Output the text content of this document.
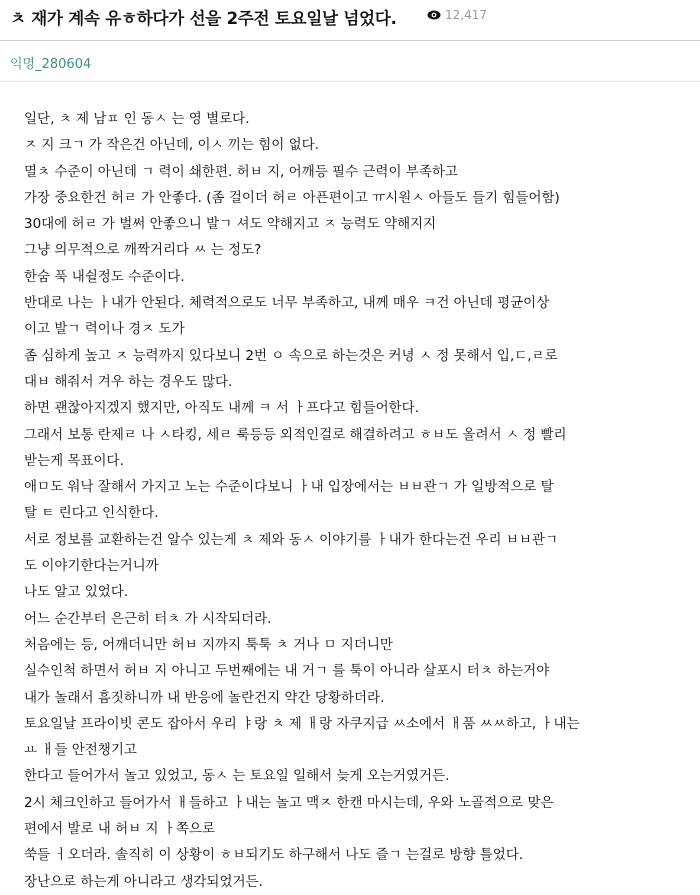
ㅊ 재가 계속 유ㅎ하다가 선을 2주전 토요일날 넘었다.	12,417
익명_280604
일단, ㅊ 제 남ㅍ 인 동ㅅ 는 영 별로다.
ㅈ 지 크ㄱ 가 작은건 아닌데, 이ㅅ 끼는 힘이 없다.
멸ㅊ 수준이 아닌데 ㄱ 력이 쇄한편. 허ㅂ 지, 어깨등 필수 근력이 부족하고
가장 중요한건 허ㄹ 가 안좋다. (좀 걸이더 허ㄹ 아픈편이고 ㅠ시원ㅅ 아들도 들기 힘들어함)
30대에 허ㄹ 가 벌써 안좋으니 발ㄱ 셔도 약해지고 ㅈ 능력도 약해지지
그냥 의무적으로 깨짝거리다 ㅆ 는 정도?
한숨 푹 내쉴정도 수준이다.
반대로 나는 ㅏ내가 안된다. 체력적으로도 너무 부족하고, 내께 매우 ㅋ건 아닌데 평균이상
이고 발ㄱ 력이나 경ㅈ 도가
좀 심하게 높고 ㅈ 능력까지 있다보니 2번 ㅇ 속으로 하는것은 커녕 ㅅ 정 못해서 입,ㄷ,ㄹ로
대ㅂ 해줘서 겨우 하는 경우도 많다.
하면 괜찮아지겠지 했지만, 아직도 내께 ㅋ 서 ㅏ프다고 힘들어한다.
그래서 보통 란제ㄹ 나 ㅅ타킹, 세ㄹ 룩등등 외적인걸로 해결하려고 ㅎㅂ도 올려서 ㅅ 정 빨리
받는게 목표이다.
애ㅁ도 워낙 잘해서 가지고 노는 수준이다보니 ㅏ내 입장에서는 ㅂㅂ관ㄱ 가 일방적으로 탈
탈 ㅌ 린다고 인식한다.
서로 정보를 교환하는건 알수 있는게 ㅊ 제와 동ㅅ 이야기를 ㅏ내가 한다는건 우리 ㅂㅂ관ㄱ
도 이야기한다는거니까
나도 알고 있었다.
어느 순간부터 은근히 터ㅊ 가 시작되더라.
처음에는 등, 어깨더니만 허ㅂ 지까지 툭툭 ㅊ 거나 ㅁ 지더니만
실수인척 하면서 허ㅂ 지 아니고 두번째에는 내 거ㄱ 를 툭이 아니라 살포시 터ㅊ 하는거야
내가 놀래서 흠짓하니까 내 반응에 놀란건지 약간 당황하더라.
토요일날 프라이빗 콘도 잡아서 우리 ㅑ랑 ㅊ 제 ㅐ랑 자쿠지급 ㅆ소에서 ㅐ품 ㅆㅆ하고, ㅏ내는
ㅛ ㅐ들 안전챙기고
한다고 들어가서 놀고 있었고, 동ㅅ 는 토요일 일해서 늦게 오는거였거든.
2시 체크인하고 들어가서 ㅐ들하고 ㅏ내는 놀고 맥ㅈ 한캔 마시는데, 우와 노골적으로 맞은
편에서 발로 내 허ㅂ 지 ㅏ쪽으로
쑥들 ㅓ오더라. 솔직히 이 상황이 ㅎㅂ되기도 하구해서 나도 즐ㄱ 는걸로 방향 틀었다.
장난으로 하는게 아니라고 생각되었거든.
